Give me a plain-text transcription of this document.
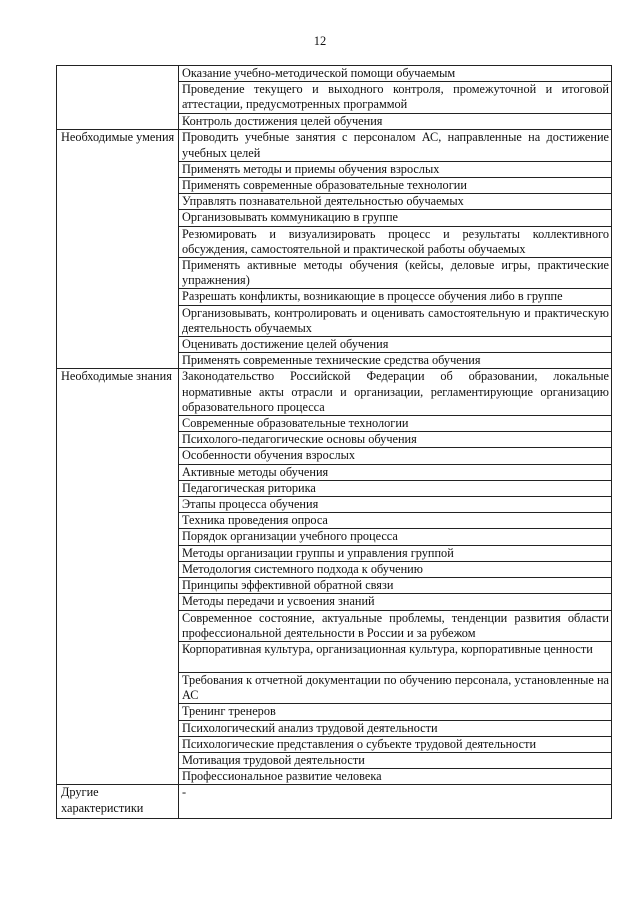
12
	Оказание учебно-методической помощи обучаемым
	Проведение текущего и выходного контроля, промежуточной и итоговой аттестации, предусмотренных программой
	Контроль достижения целей обучения
Необходимые умения	Проводить учебные занятия с персоналом АС, направленные на достижение учебных целей
	Применять методы и приемы обучения взрослых
	Применять современные образовательные технологии
	Управлять познавательной деятельностью обучаемых
	Организовывать коммуникацию в группе
	Резюмировать и визуализировать процесс и результаты коллективного обсуждения, самостоятельной и практической работы обучаемых
	Применять активные методы обучения (кейсы, деловые игры, практические упражнения)
	Разрешать конфликты, возникающие в процессе обучения либо в группе
	Организовывать, контролировать и оценивать самостоятельную и практическую деятельность обучаемых
	Оценивать достижение целей обучения
	Применять современные технические средства обучения
Необходимые знания	Законодательство Российской Федерации об образовании, локальные нормативные акты отрасли и организации, регламентирующие организацию образовательного процесса
	Современные образовательные технологии
	Психолого-педагогические основы обучения
	Особенности обучения взрослых
	Активные методы обучения
	Педагогическая риторика
	Этапы процесса обучения
	Техника проведения опроса
	Порядок организации учебного процесса
	Методы организации группы и управления группой
	Методология системного подхода к обучению
	Принципы эффективной обратной связи
	Методы передачи и усвоения знаний
	Современное состояние, актуальные проблемы, тенденции развития области профессиональной деятельности в России и за рубежом
	Корпоративная культура, организационная культура, корпоративные ценности
	Требования к отчетной документации по обучению персонала, установленные на АС
	Тренинг тренеров
	Психологический анализ трудовой деятельности
	Психологические представления о субъекте трудовой деятельности
	Мотивация трудовой деятельности
	Профессиональное развитие человека
Другие характеристики	-
